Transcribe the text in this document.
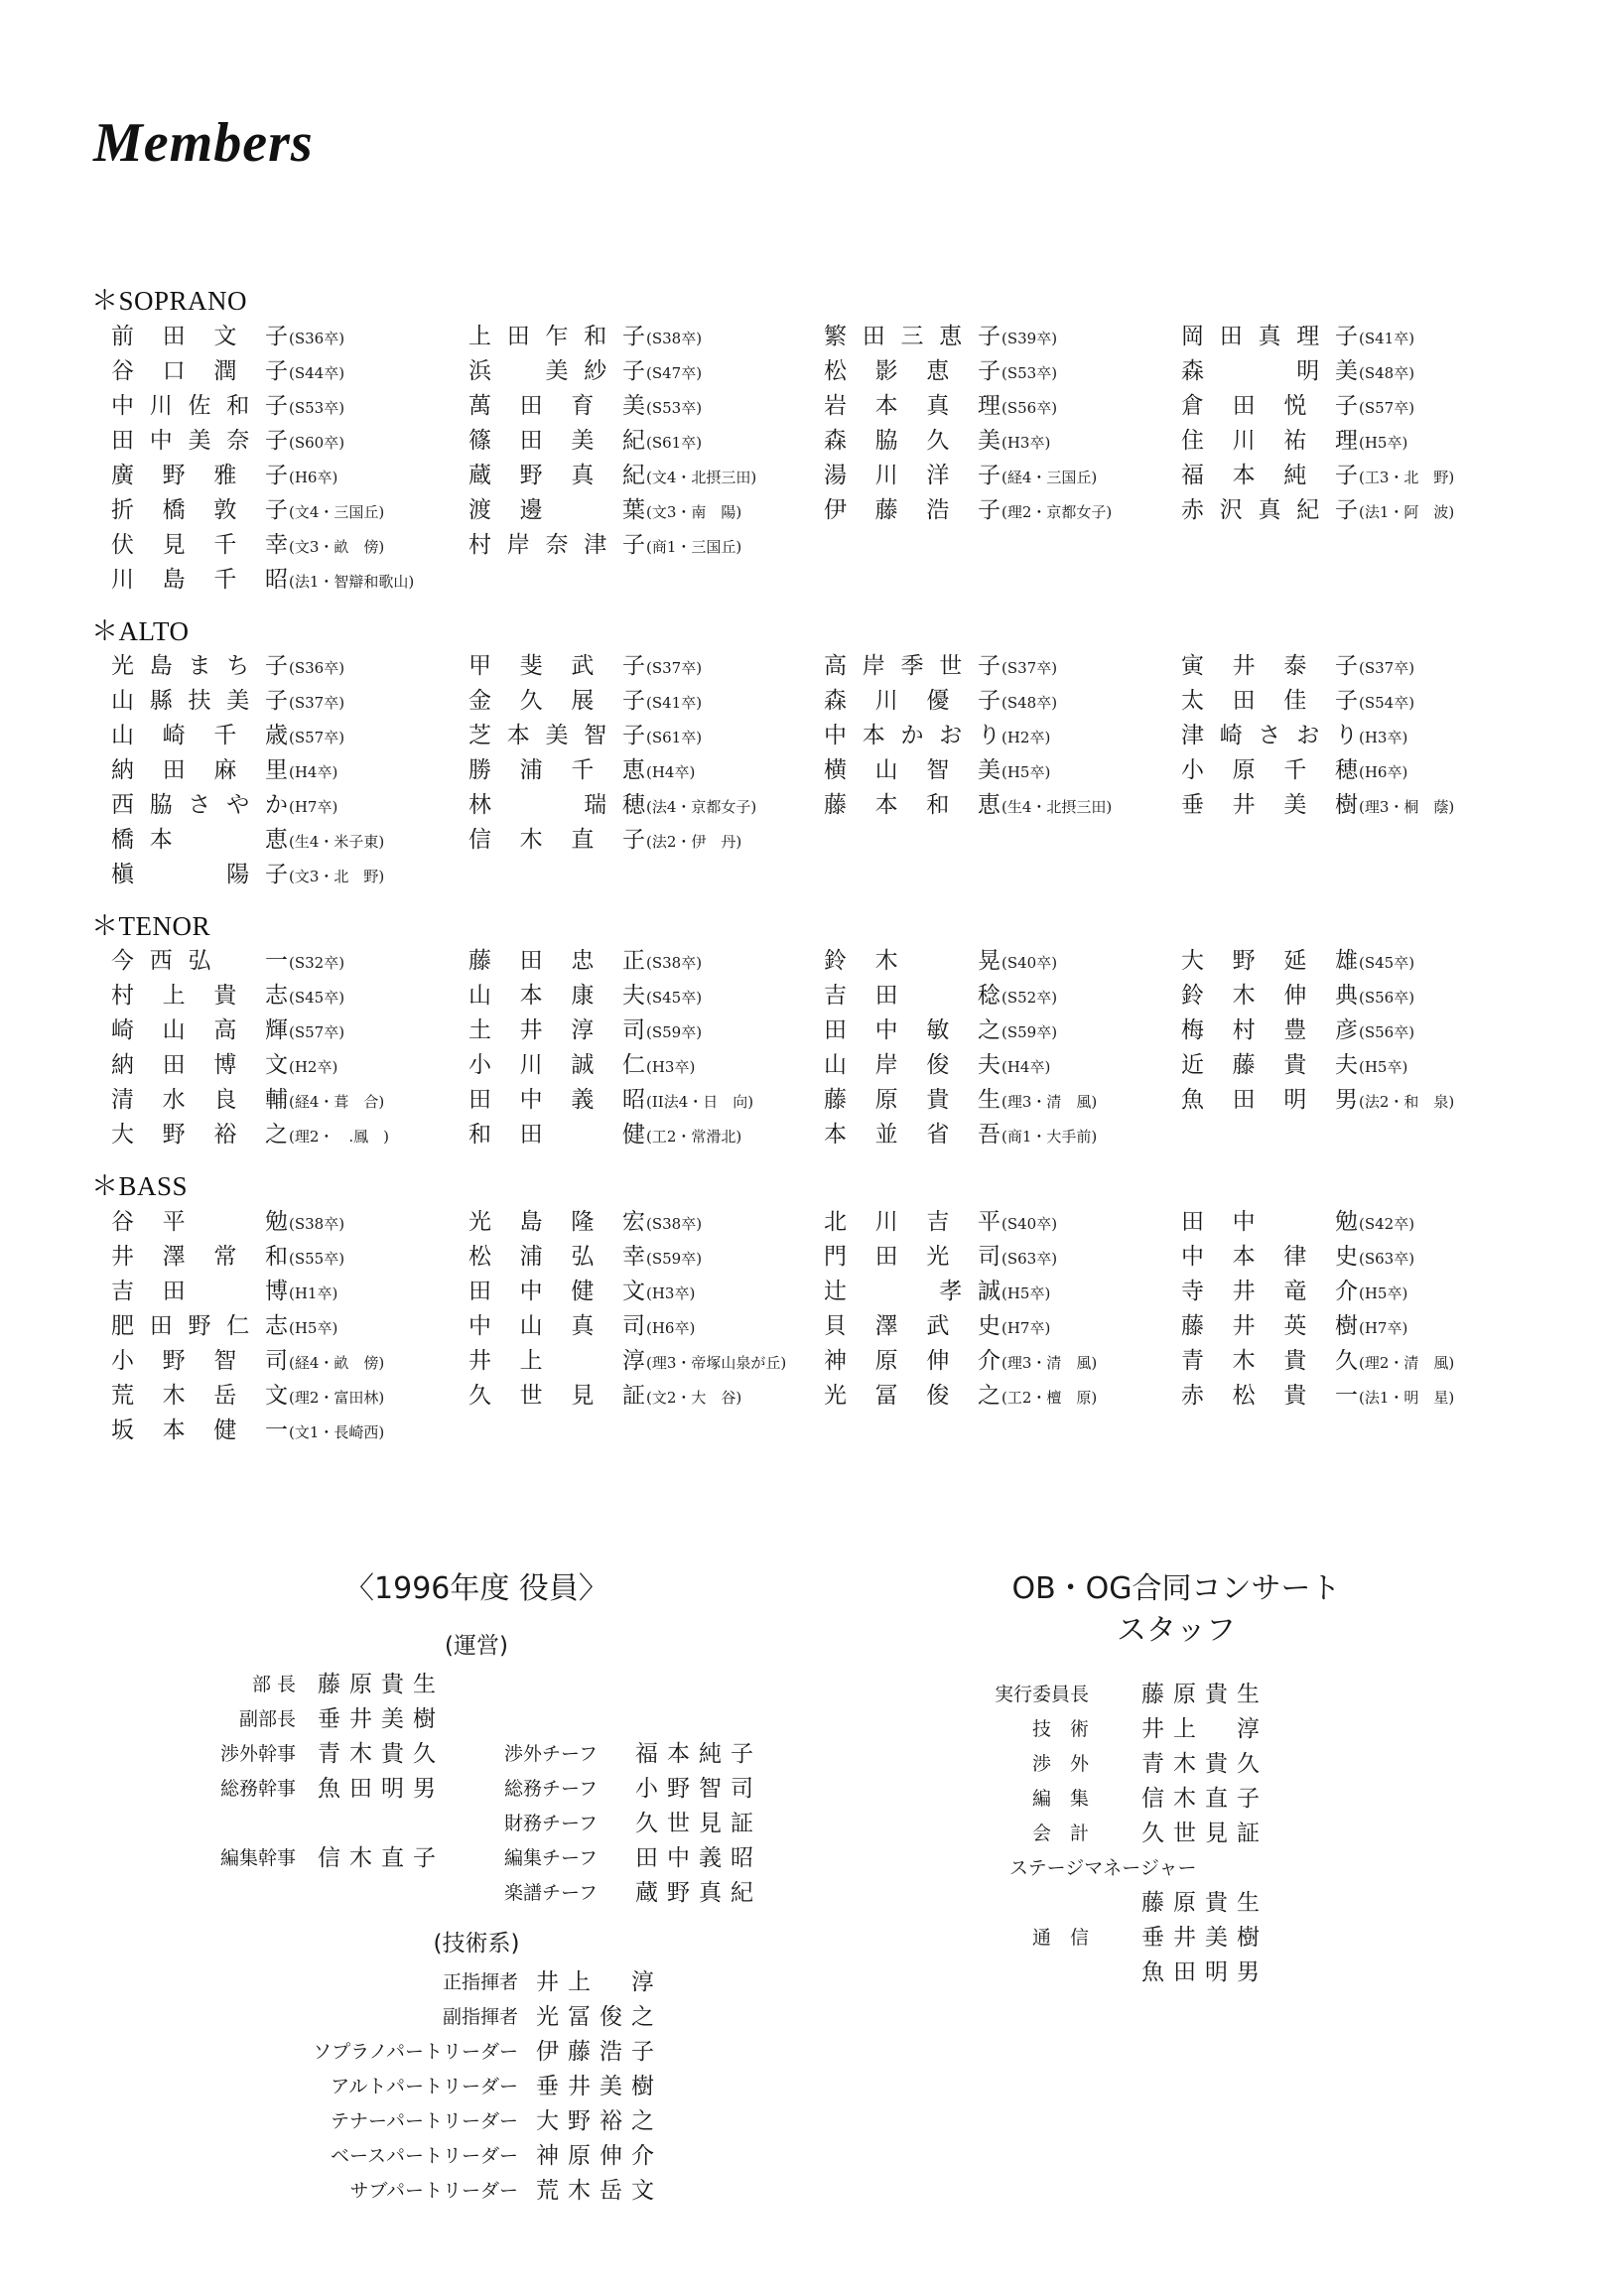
Members
＊SOPRANO
前田文子(S36卒)	上田乍和子(S38卒)	繁田三恵子(S39卒)	岡田真理子(S41卒)
谷口潤子(S44卒)	浜　美紗子(S47卒)	松影恵子(S53卒)	森　　明美(S48卒)
中川佐和子(S53卒)	萬田育美(S53卒)	岩本真理(S56卒)	倉田悦子(S57卒)
田中美奈子(S60卒)	篠田美紀(S61卒)	森脇久美(H3卒)	住川祐理(H5卒)
廣野雅子(H6卒)	蔵野真紀(文4・北摂三田)	湯川洋子(経4・三国丘)	福本純子(工3・北　野)
折橋敦子(文4・三国丘)	渡邊　葉(文3・南　陽)	伊藤浩子(理2・京都女子)	赤沢真紀子(法1・阿　波)
伏見千幸(文3・畝　傍)	村岸奈津子(商1・三国丘)
川島千昭(法1・智辯和歌山)
＊ALTO
光島まち子(S36卒)	甲斐武子(S37卒)	高岸季世子(S37卒)	寅井泰子(S37卒)
山縣扶美子(S37卒)	金久展子(S41卒)	森川優子(S48卒)	太田佳子(S54卒)
山崎千歳(S57卒)	芝本美智子(S61卒)	中本かおり(H2卒)	津崎さおり(H3卒)
納田麻里(H4卒)	勝浦千恵(H4卒)	横山智美(H5卒)	小原千穂(H6卒)
西脇さやか(H7卒)	林　　瑞穂(法4・京都女子)	藤本和恵(生4・北摂三田)	垂井美樹(理3・桐　蔭)
橋本　　恵(生4・米子東)	信木直子(法2・伊　丹)
槇　　陽子(文3・北　野)
＊TENOR
今西弘　一(S32卒)	藤田忠正(S38卒)	鈴木　晃(S40卒)	大野延雄(S45卒)
村上貴志(S45卒)	山本康夫(S45卒)	吉田　稔(S52卒)	鈴木伸典(S56卒)
崎山高輝(S57卒)	土井淳司(S59卒)	田中敏之(S59卒)	梅村豊彦(S56卒)
納田博文(H2卒)	小川誠仁(H3卒)	山岸俊夫(H4卒)	近藤貴夫(H5卒)
清水良輔(経4・葺　合)	田中義昭(II法4・日　向)	藤原貴生(理3・清　風)	魚田明男(法2・和　泉)
大野裕之(理2・　.鳳　)	和田　健(工2・常滑北)	本並省吾(商1・大手前)
＊BASS
谷平　勉(S38卒)	光島隆宏(S38卒)	北川吉平(S40卒)	田中　勉(S42卒)
井澤常和(S55卒)	松浦弘幸(S59卒)	門田光司(S63卒)	中本律史(S63卒)
吉田　博(H1卒)	田中健文(H3卒)	辻　　孝誠(H5卒)	寺井竜介(H5卒)
肥田野仁志(H5卒)	中山真司(H6卒)	貝澤武史(H7卒)	藤井英樹(H7卒)
小野智司(経4・畝　傍)	井上　淳(理3・帝塚山泉が丘)	神原伸介(理3・清　風)	青木貴久(理2・清　風)
荒木岳文(理2・富田林)	久世見証(文2・大　谷)	光冨俊之(工2・檀　原)	赤松貴一(法1・明　星)
坂本健一(文1・長崎西)
〈1996年度 役員〉
(運営)
部 長 藤原貴生
副部長 垂井美樹
渉外幹事 青木貴久	渉外チーフ 福本純子
総務幹事 魚田明男	総務チーフ 小野智司
財務チーフ 久世見証
編集幹事 信木直子	編集チーフ 田中義昭
楽譜チーフ 蔵野真紀
(技術系)
正指揮者 井上　淳
副指揮者 光冨俊之
ソプラノパートリーダー 伊藤浩子
アルトパートリーダー 垂井美樹
テナーパートリーダー 大野裕之
ベースパートリーダー 神原伸介
サブパートリーダー 荒木岳文
OB・OG合同コンサート
スタッフ
実行委員長 藤原貴生
技　術 井上　淳
渉　外 青木貴久
編　集 信木直子
会　計 久世見証
ステージマネージャー
藤原貴生
通　信 垂井美樹
魚田明男
